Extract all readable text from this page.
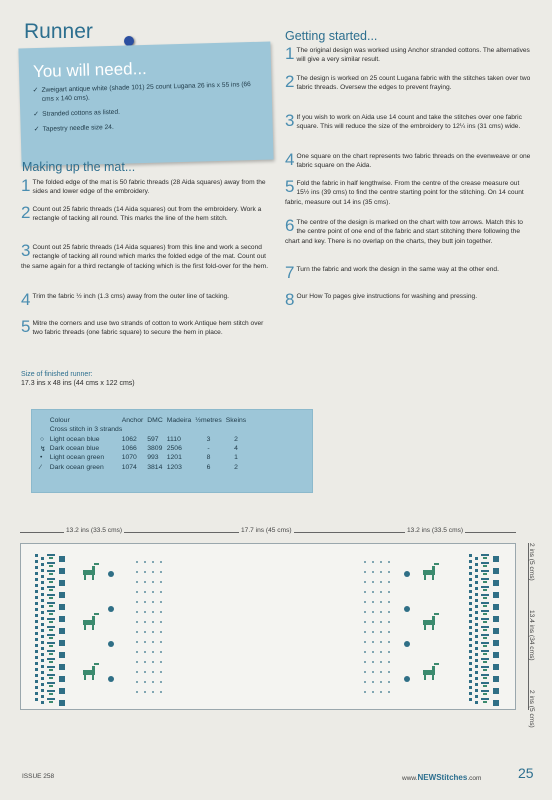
Runner
You will need...

✓ Zweigart antique white (shade 101) 25 count Lugana 26 ins x 55 ins (66 cms x 140 cms).

✓ Stranded cottons as listed.

✓ Tapestry needle size 24.

Making up the mat...
1 The folded edge of the mat is 50 fabric threads (28 Aida squares) away from the sides and lower edge of the embroidery.
2 Count out 25 fabric threads (14 Aida squares) out from the embroidery. Work a rectangle of tacking all round. This marks the line of the hem stitch.
3 Count out 25 fabric threads (14 Aida squares) from this line and work a second rectangle of tacking all round which marks the folded edge of the mat. Count out the same again for a third rectangle of tacking which is the first fold-over for the hem.
4 Trim the fabric ½ inch (1.3 cms) away from the outer line of tacking.
5 Mitre the corners and use two strands of cotton to work Antique hem stitch over two fabric threads (one fabric square) to secure the hem in place.
Getting started...
1 The original design was worked using Anchor stranded cottons. The alternatives will give a very similar result.
2 The design is worked on 25 count Lugana fabric with the stitches taken over two fabric threads. Oversew the edges to prevent fraying.
3 If you wish to work on Aida use 14 count and take the stitches over one fabric square. This will reduce the size of the embroidery to 12¼ ins (31 cms) wide.
4 One square on the chart represents two fabric threads on the evenweave or one fabric square on the Aida.
5 Fold the fabric in half lengthwise. From the centre of the crease measure out 15½ ins (39 cms) to find the centre starting point for the stitching. On 14 count fabric, measure out 14 ins (35 cms).
6 The centre of the design is marked on the chart with tow arrows. Match this to the centre point of one end of the fabric and start stitching there following the chart and key. There is no overlap on the charts, they butt join together.
7 Turn the fabric and work the design in the same way at the other end.
8 Our How To pages give instructions for washing and pressing.
Size of finished runner:
17.3 ins x 48 ins (44 cms x 122 cms)
	Colour	Anchor	DMC	Madeira	½metres	Skeins
	Cross stitch in 3 strands					
○	Light ocean blue	1062	597	1110	3	2
↯	Dark ocean blue	1066	3809	2506	-	4
•	Light ocean green	1070	993	1201	8	1
⁄	Dark ocean green	1074	3814	1203	6	2
13.2 ins (33.5 cms)	17.7 ins (45 cms)	13.2 ins (33.5 cms)
2 ins (5 cms)
13.4 ins (34 cms)
2 ins (5 cms)
ISSUE 258	www.NEWStitches.com	25
